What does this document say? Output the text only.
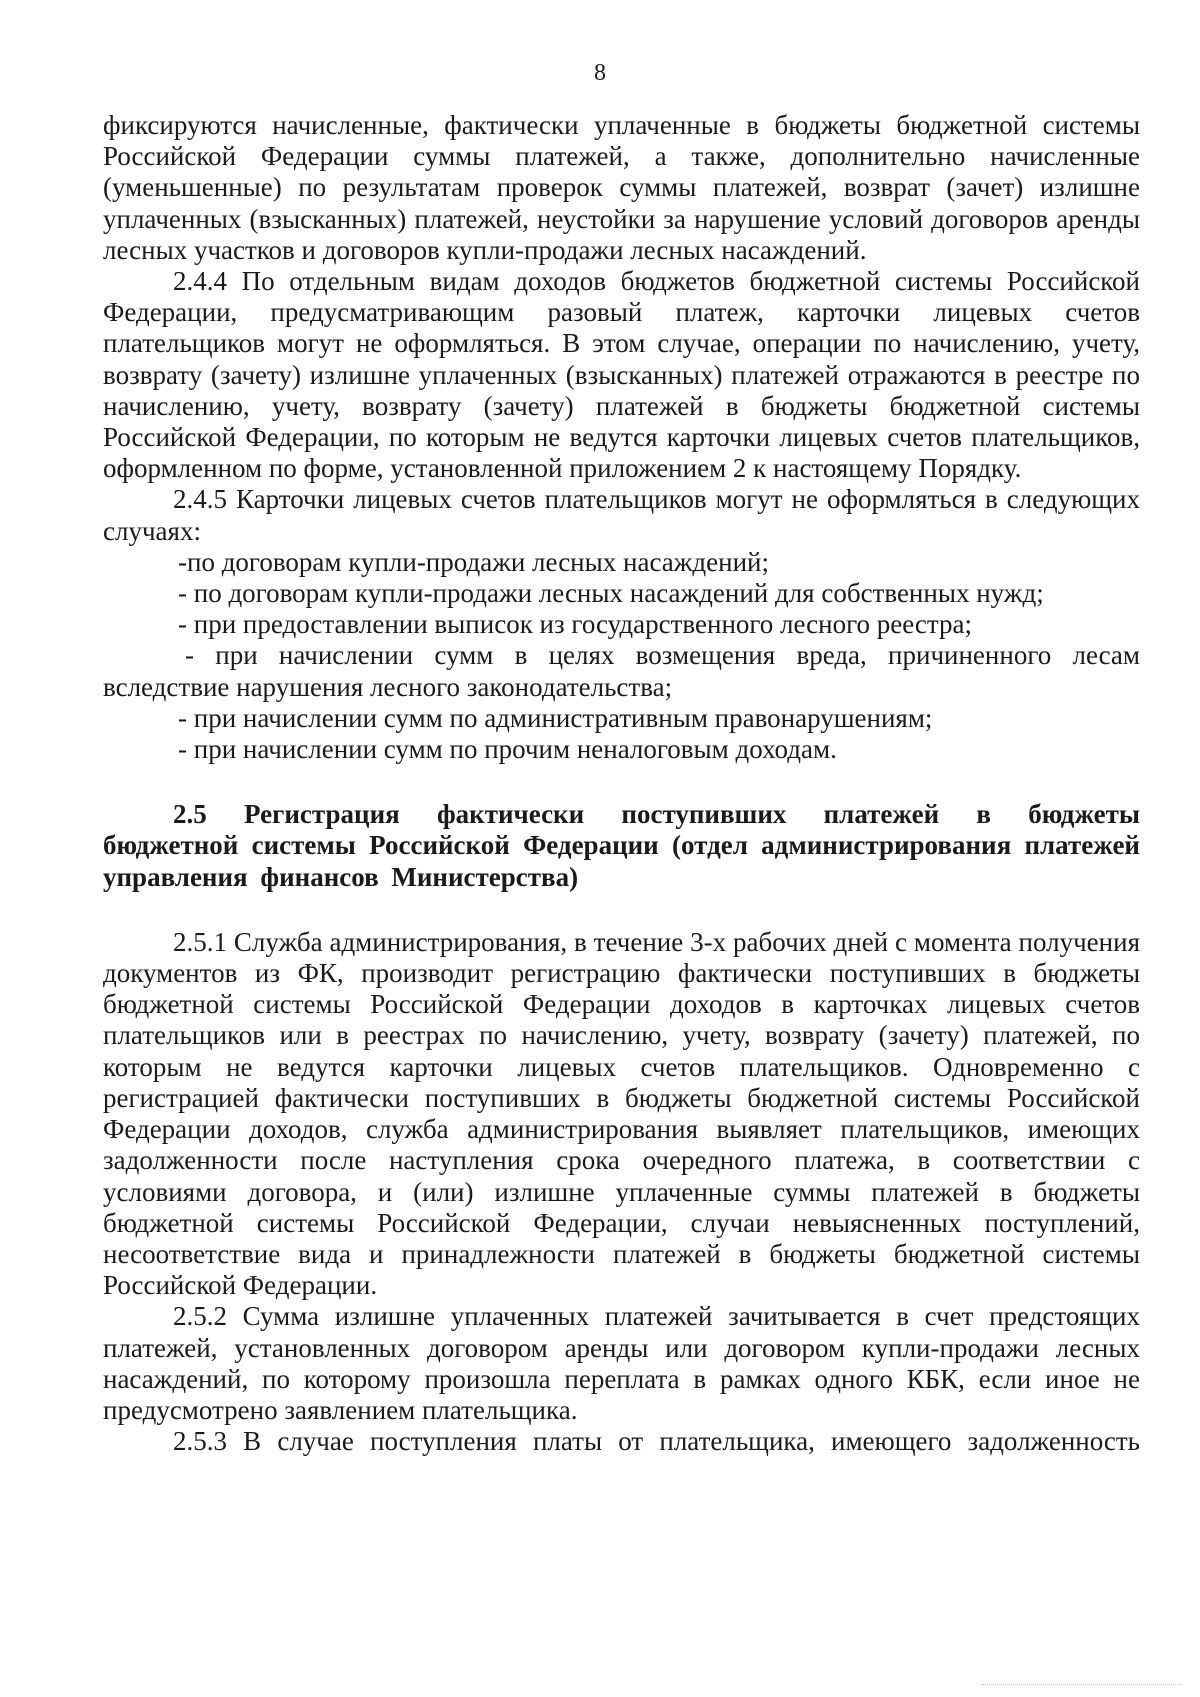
8

фиксируются начисленные, фактически уплаченные в бюджеты бюджетной системы Российской Федерации суммы платежей, а также, дополнительно начисленные (уменьшенные) по результатам проверок суммы платежей, возврат (зачет) излишне уплаченных (взысканных) платежей, неустойки за нарушение условий договоров аренды лесных участков и договоров купли-продажи лесных насаждений.

2.4.4 По отдельным видам доходов бюджетов бюджетной системы Российской Федерации, предусматривающим разовый платеж, карточки лицевых счетов плательщиков могут не оформляться. В этом случае, операции по начислению, учету, возврату (зачету) излишне уплаченных (взысканных) платежей отражаются в реестре по начислению, учету, возврату (зачету) платежей в бюджеты бюджетной системы Российской Федерации, по которым не ведутся карточки лицевых счетов плательщиков, оформленном по форме, установленной приложением 2 к настоящему Порядку.

2.4.5 Карточки лицевых счетов плательщиков могут не оформляться в следующих случаях:

-по договорам купли-продажи лесных насаждений;

- по договорам купли-продажи лесных насаждений для собственных нужд;

- при предоставлении выписок из государственного лесного реестра;

- при начислении сумм в целях возмещения вреда, причиненного лесам вследствие нарушения лесного законодательства;

- при начислении сумм по административным правонарушениям;

- при начислении сумм по прочим неналоговым доходам.

2.5 Регистрация фактически поступивших платежей в бюджеты бюджетной системы Российской Федерации (отдел администрирования платежей управления финансов Министерства)

2.5.1 Служба администрирования, в течение 3-х рабочих дней с момента получения документов из ФК, производит регистрацию фактически поступивших в бюджеты бюджетной системы Российской Федерации доходов в карточках лицевых счетов плательщиков или в реестрах по начислению, учету, возврату (зачету) платежей, по которым не ведутся карточки лицевых счетов плательщиков. Одновременно с регистрацией фактически поступивших в бюджеты бюджетной системы Российской Федерации доходов, служба администрирования выявляет плательщиков, имеющих задолженности после наступления срока очередного платежа, в соответствии с условиями договора, и (или) излишне уплаченные суммы платежей в бюджеты бюджетной системы Российской Федерации, случаи невыясненных поступлений, несоответствие вида и принадлежности платежей в бюджеты бюджетной системы Российской Федерации.

2.5.2 Сумма излишне уплаченных платежей зачитывается в счет предстоящих платежей, установленных договором аренды или договором купли-продажи лесных насаждений, по которому произошла переплата в рамках одного КБК, если иное не предусмотрено заявлением плательщика.

2.5.3 В случае поступления платы от плательщика, имеющего задолженность
